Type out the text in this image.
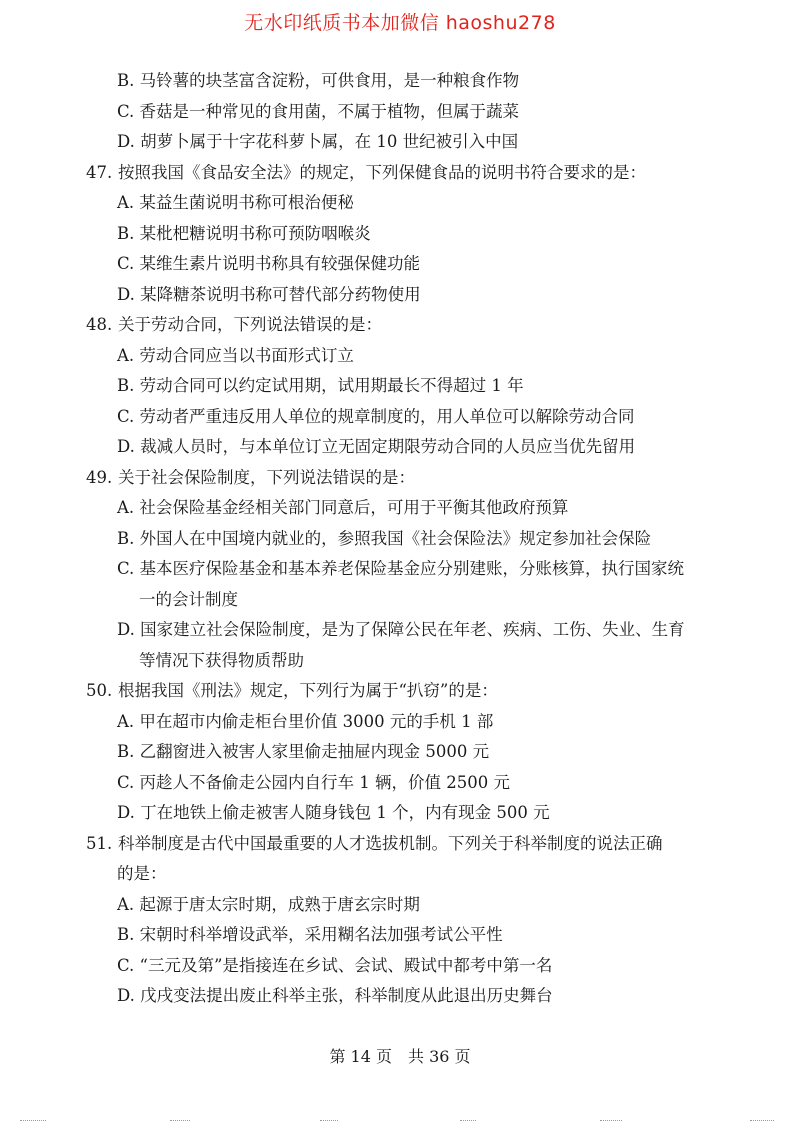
无水印纸质书本加微信 haoshu278
B. 马铃薯的块茎富含淀粉，可供食用，是一种粮食作物
C. 香菇是一种常见的食用菌，不属于植物，但属于蔬菜
D. 胡萝卜属于十字花科萝卜属，在 10 世纪被引入中国
47. 按照我国《食品安全法》的规定，下列保健食品的说明书符合要求的是：
A. 某益生菌说明书称可根治便秘
B. 某枇杷糖说明书称可预防咽喉炎
C. 某维生素片说明书称具有较强保健功能
D. 某降糖茶说明书称可替代部分药物使用
48. 关于劳动合同，下列说法错误的是：
A. 劳动合同应当以书面形式订立
B. 劳动合同可以约定试用期，试用期最长不得超过 1 年
C. 劳动者严重违反用人单位的规章制度的，用人单位可以解除劳动合同
D. 裁减人员时，与本单位订立无固定期限劳动合同的人员应当优先留用
49. 关于社会保险制度，下列说法错误的是：
A. 社会保险基金经相关部门同意后，可用于平衡其他政府预算
B. 外国人在中国境内就业的，参照我国《社会保险法》规定参加社会保险
C. 基本医疗保险基金和基本养老保险基金应分别建账，分账核算，执行国家统
一的会计制度
D. 国家建立社会保险制度，是为了保障公民在年老、疾病、工伤、失业、生育
等情况下获得物质帮助
50. 根据我国《刑法》规定，下列行为属于“扒窃”的是：
A. 甲在超市内偷走柜台里价值 3000 元的手机 1 部
B. 乙翻窗进入被害人家里偷走抽屉内现金 5000 元
C. 丙趁人不备偷走公园内自行车 1 辆，价值 2500 元
D. 丁在地铁上偷走被害人随身钱包 1 个，内有现金 500 元
51. 科举制度是古代中国最重要的人才选拔机制。下列关于科举制度的说法正确
的是：
A. 起源于唐太宗时期，成熟于唐玄宗时期
B. 宋朝时科举增设武举，采用糊名法加强考试公平性
C. “三元及第”是指接连在乡试、会试、殿试中都考中第一名
D. 戊戌变法提出废止科举主张，科举制度从此退出历史舞台
第 14 页　共 36 页
